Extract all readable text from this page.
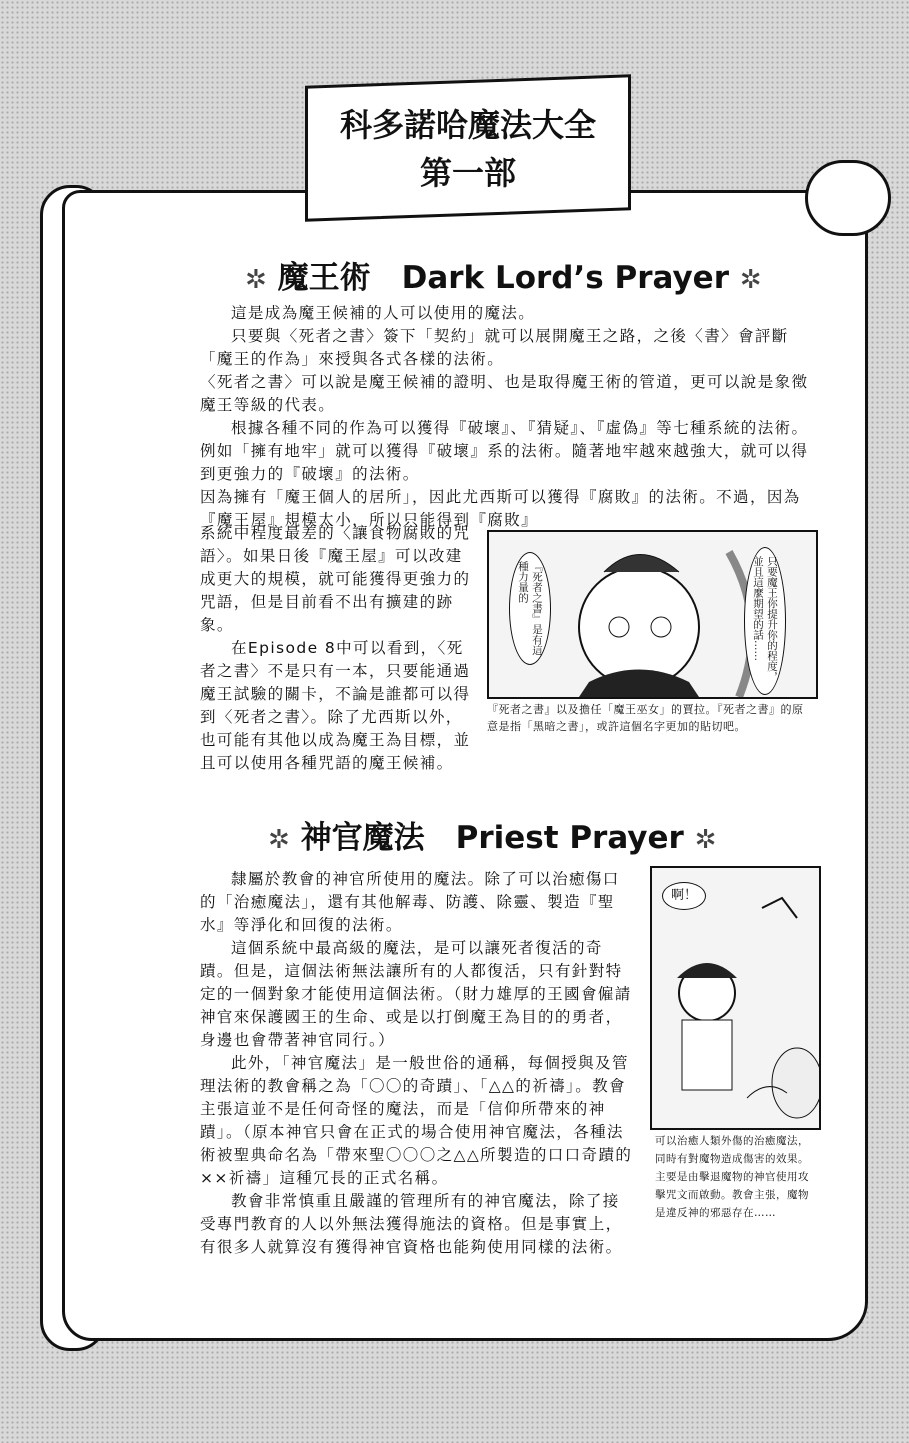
科多諾哈魔法大全
第一部
✲ 魔王術　Dark Lord’s Prayer ✲

這是成為魔王候補的人可以使用的魔法。

只要與〈死者之書〉簽下「契約」就可以展開魔王之路，之後〈書〉會評斷「魔王的作為」來授與各式各樣的法術。

〈死者之書〉可以說是魔王候補的證明、也是取得魔王術的管道，更可以說是象徵魔王等級的代表。

根據各種不同的作為可以獲得『破壞』、『猜疑』、『虛偽』等七種系統的法術。例如「擁有地牢」就可以獲得『破壞』系的法術。隨著地牢越來越強大，就可以得到更強力的『破壞』的法術。

因為擁有「魔王個人的居所」，因此尤西斯可以獲得『腐敗』的法術。不過，因為『魔王屋』規模太小，所以只能得到『腐敗』

系統中程度最差的〈讓食物腐敗的咒語〉。如果日後『魔王屋』可以改建成更大的規模，就可能獲得更強力的咒語，但是目前看不出有擴建的跡象。

在Episode 8中可以看到，〈死者之書〉不是只有一本，只要能通過魔王試驗的關卡，不論是誰都可以得到〈死者之書〉。除了尤西斯以外，也可能有其他以成為魔王為目標，並且可以使用各種咒語的魔王候補。

『死者之書』是有這種力量的	只要魔王你提升你的程度，並且這麼期望的話……
『死者之書』以及擔任「魔王巫女」的賈拉。『死者之書』的原意是指「黑暗之書」，或許這個名字更加的貼切吧。
✲ 神官魔法　Priest Prayer ✲

隸屬於教會的神官所使用的魔法。除了可以治癒傷口的「治癒魔法」，還有其他解毒、防護、除靈、製造『聖水』等淨化和回復的法術。

這個系統中最高級的魔法，是可以讓死者復活的奇蹟。但是，這個法術無法讓所有的人都復活，只有針對特定的一個對象才能使用這個法術。（財力雄厚的王國會僱請神官來保護國王的生命、或是以打倒魔王為目的的勇者，身邊也會帶著神官同行。）

此外，「神官魔法」是一般世俗的通稱，每個授與及管理法術的教會稱之為「〇〇的奇蹟」、「△△的祈禱」。教會主張這並不是任何奇怪的魔法，而是「信仰所帶來的神蹟」。（原本神官只會在正式的場合使用神官魔法，各種法術被聖典命名為「帶來聖〇〇〇之△△所製造的口口奇蹟的××祈禱」這種冗長的正式名稱。

教會非常慎重且嚴謹的管理所有的神官魔法，除了接受專門教育的人以外無法獲得施法的資格。但是事實上，有很多人就算沒有獲得神官資格也能夠使用同樣的法術。

啊！
可以治癒人類外傷的治癒魔法，同時有對魔物造成傷害的效果。主要是由擊退魔物的神官使用攻擊咒文而啟動。教會主張，魔物是違反神的邪惡存在……
